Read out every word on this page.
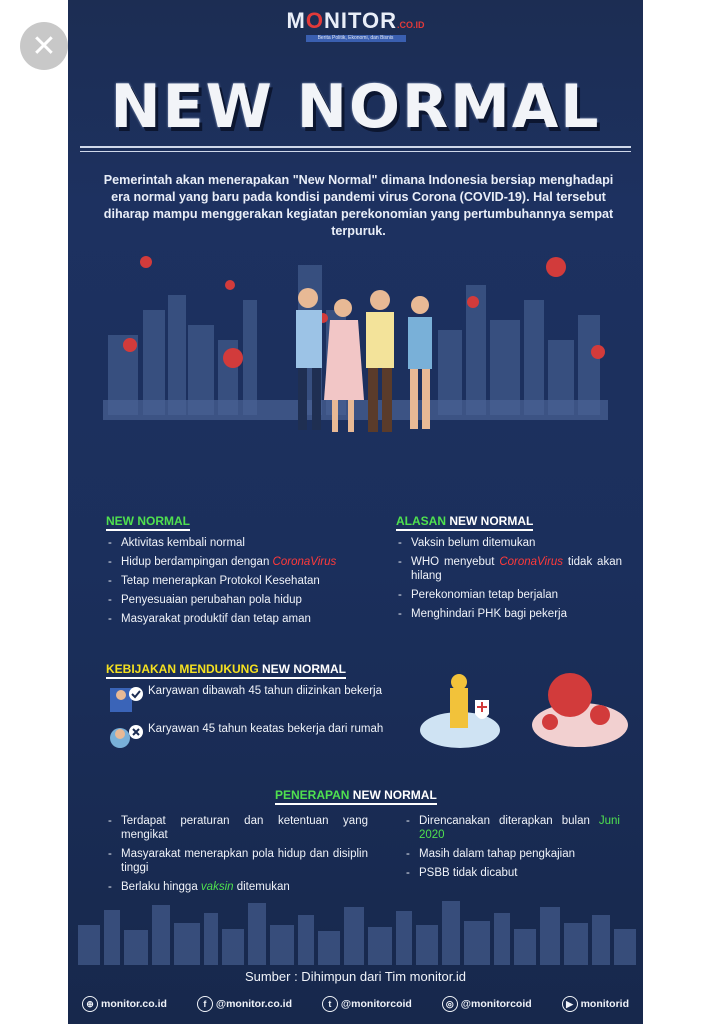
✕
MONITOR.CO.ID
Berita Politik, Ekonomi, dan Bisnis
NEW NORMAL
Pemerintah akan menerapakan "New Normal" dimana Indonesia bersiap menghadapi era normal yang baru pada kondisi pandemi virus Corona (COVID-19). Hal tersebut diharap mampu menggerakan kegiatan perekonomian yang pertumbuhannya sempat terpuruk.
NEW NORMAL
- Aktivitas kembali normal
- Hidup berdampingan dengan CoronaVirus
- Tetap menerapkan Protokol Kesehatan
- Penyesuaian perubahan pola hidup
- Masyarakat produktif dan tetap aman
ALASAN NEW NORMAL
- Vaksin belum ditemukan
- WHO menyebut CoronaVirus tidak akan hilang
- Perekonomian tetap berjalan
- Menghindari PHK bagi pekerja
KEBIJAKAN MENDUKUNG NEW NORMAL
Karyawan dibawah 45 tahun diizinkan bekerja
Karyawan 45 tahun keatas bekerja dari rumah
PENERAPAN NEW NORMAL
- Terdapat peraturan dan ketentuan yang mengikat
- Masyarakat menerapkan pola hidup dan disiplin tinggi
- Berlaku hingga vaksin ditemukan
- Direncanakan diterapkan bulan Juni 2020
- Masih dalam tahap pengkajian
- PSBB tidak dicabut
Sumber : Dihimpun dari Tim monitor.id
⊕ monitor.co.id	f @monitor.co.id	t @monitorcoid	◎ @monitorcoid	▶ monitorid
